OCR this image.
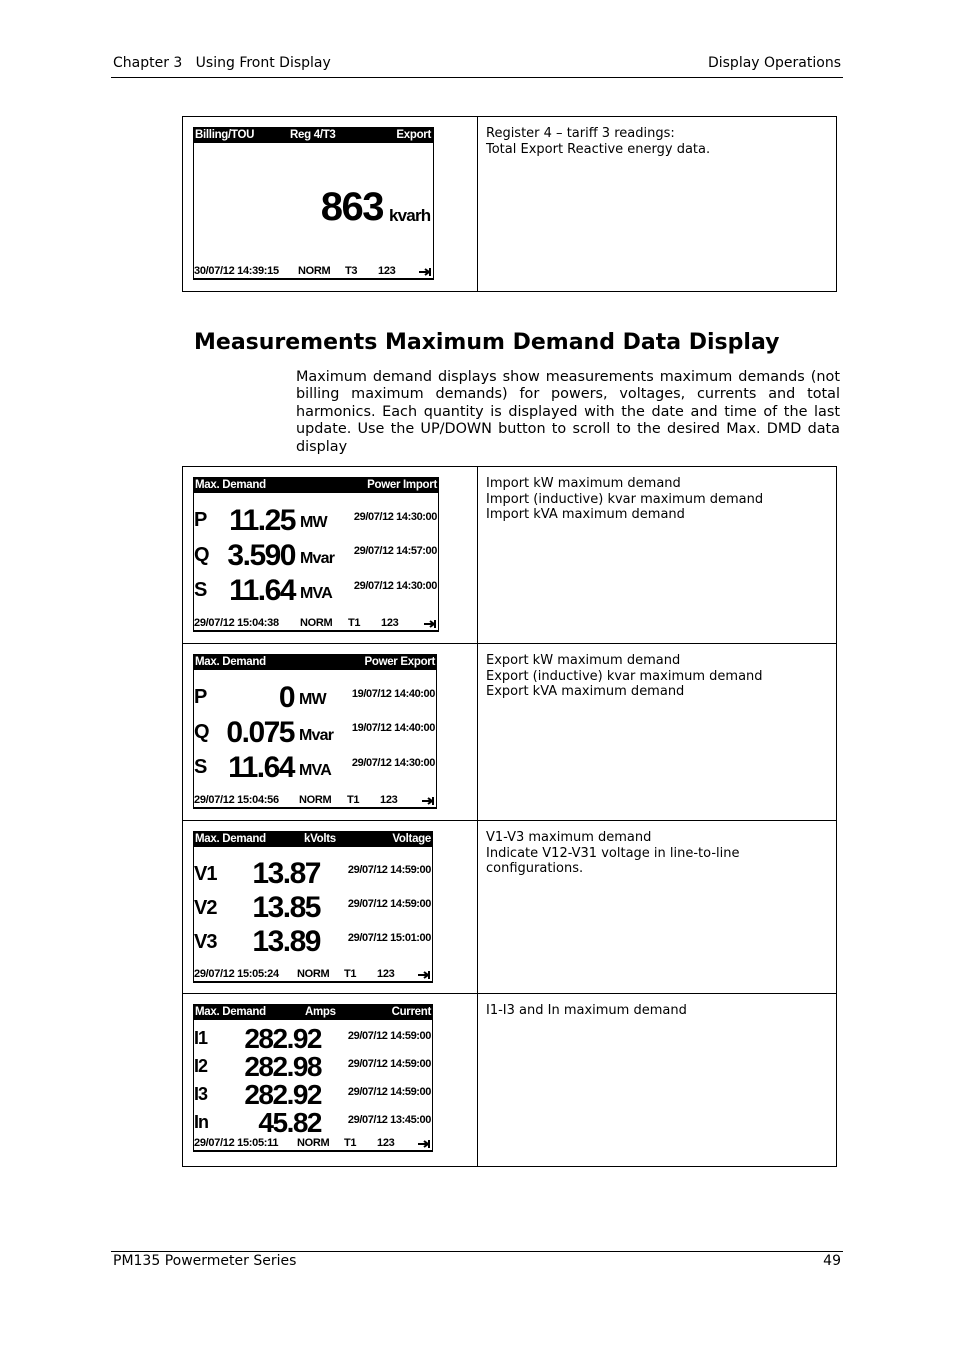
Chapter 3   Using Front Display	Display Operations
Billing/TOU	Reg 4/T3	Export
863 kvarh
30/07/12 14:39:15 NORM T3 123
Register 4 – tariff 3 readings:
Total Export Reactive energy data.
Measurements Maximum Demand Data Display
Maximum demand displays show measurements maximum demands (not billing maximum demands) for powers, voltages, currents and total harmonics. Each quantity is displayed with the date and time of the last update. Use the UP/DOWN button to scroll to the desired Max. DMD data display
Max. Demand	Power Import
P 11.25 MW 29/07/12 14:30:00
Q 3.590 Mvar 29/07/12 14:57:00
S 11.64 MVA 29/07/12 14:30:00
29/07/12 15:04:38 NORM T1 123
Import kW maximum demand
Import (inductive) kvar maximum demand
Import kVA maximum demand
Max. Demand	Power Export
P 0 MW 19/07/12 14:40:00
Q 0.075 Mvar 19/07/12 14:40:00
S 11.64 MVA 29/07/12 14:30:00
29/07/12 15:04:56 NORM T1 123
Export kW maximum demand
Export (inductive) kvar maximum demand
Export kVA maximum demand
Max. Demand	kVolts	Voltage
V1 13.87	29/07/12 14:59:00
V2 13.85	29/07/12 14:59:00
V3 13.89	29/07/12 15:01:00
29/07/12 15:05:24 NORM T1 123
V1-V3 maximum demand
Indicate V12-V31 voltage in line-to-line
configurations.
Max. Demand	Amps	Current
I1 282.92 29/07/12 14:59:00
I2 282.98 29/07/12 14:59:00
I3 282.92 29/07/12 14:59:00
In 45.82 29/07/12 13:45:00
29/07/12 15:05:11 NORM T1 123
I1-I3 and In maximum demand
PM135 Powermeter Series	49
